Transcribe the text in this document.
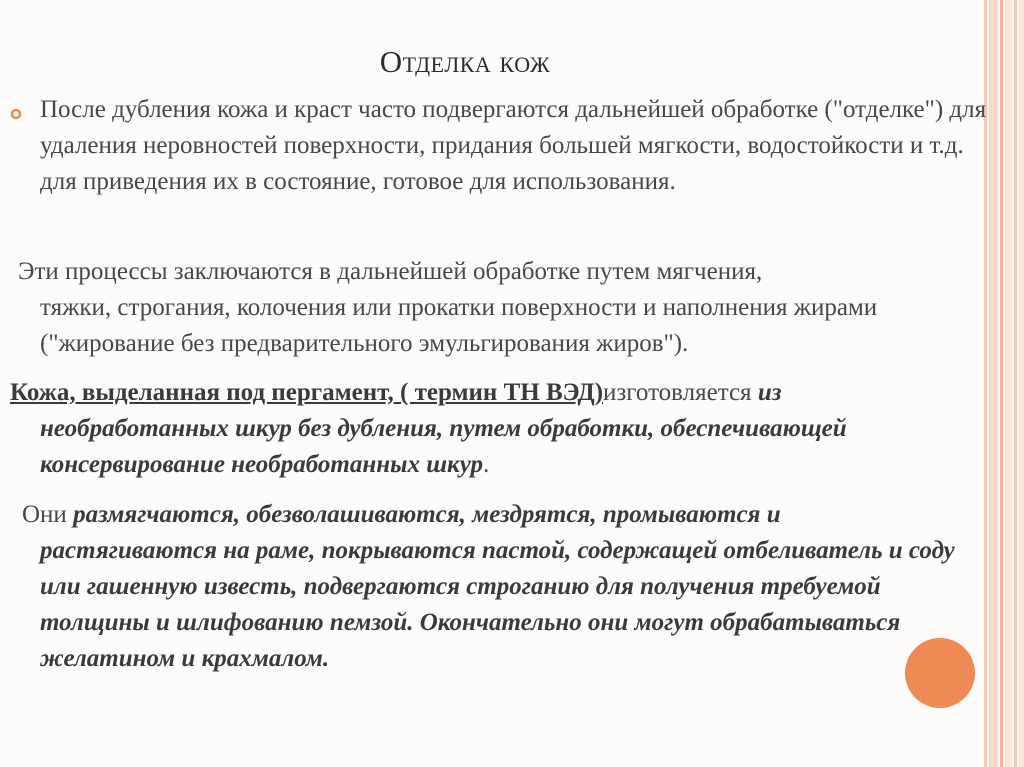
Отделка кож
После дубления кожа и краст часто подвергаются дальнейшей обработке ("отделке") для удаления неровностей поверхности, придания большей мягкости, водостойкости и т.д. для приведения их в состояние, готовое для использования.
Эти процессы заключаются в дальнейшей обработке путем мягчения,
тяжки, строгания, колочения или прокатки поверхности и наполнения жирами ("жирование без предварительного эмульгирования жиров").
Кожа, выделанная под пергамент, ( термин ТН ВЭД)изготовляется из
необработанных шкур без дубления, путем обработки, обеспечивающей консервирование необработанных шкур.
Они размягчаются, обезволашиваются, мездрятся, промываются и
растягиваются на раме, покрываются пастой, содержащей отбеливатель и соду или гашенную известь, подвергаются строганию для получения требуемой толщины и шлифованию пемзой. Окончательно они могут обрабатываться желатином и крахмалом.
